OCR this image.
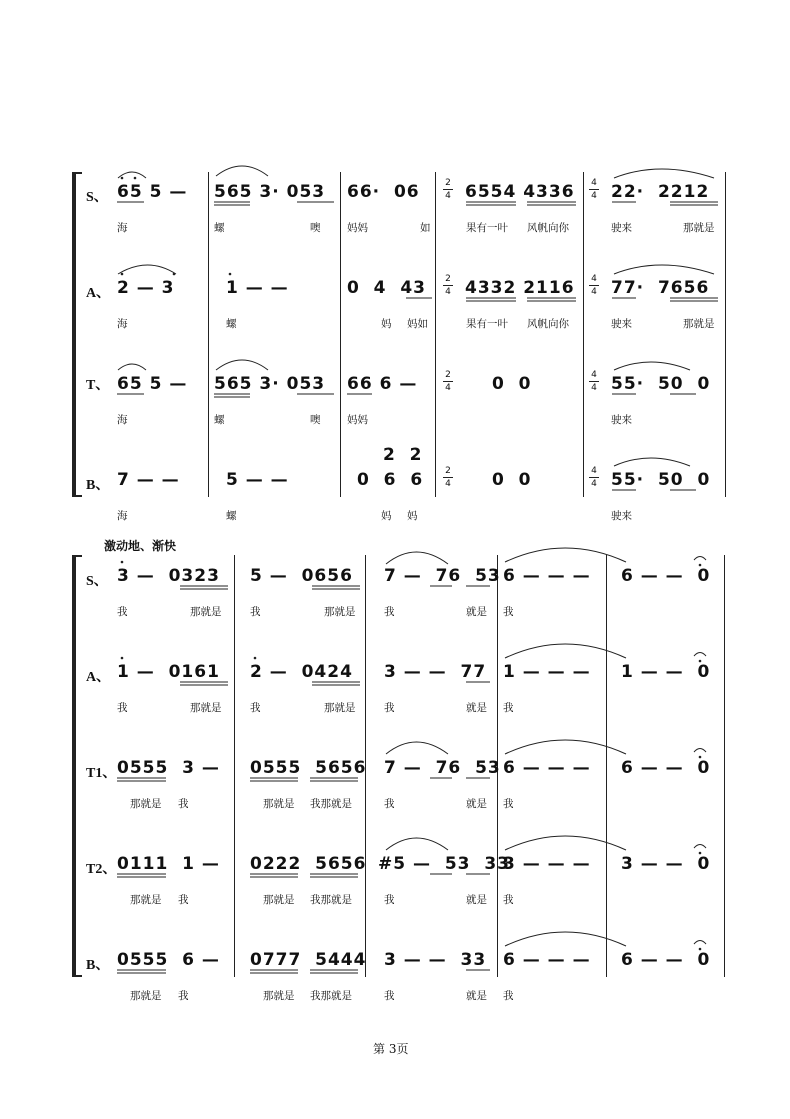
2
4
4
4
2
4
4
4
2
4
4
4
2
4
4
4
S、 65 5 — 565 3· 053 66·  06	6554 4336 22·  2212
海	螺	噢	妈妈	如	果有一叶 风帆向你	驶来	那就是
A、 2 — 3	1 — —	0  4  43 4332 2116 77·  7656
海	螺	妈 妈如	果有一叶 风帆向你	驶来	那就是
T、 65 5 — 565 3· 053 66 6 —	0  0	55·  50  0
海	螺	噢	妈妈	驶来
B、
2  2
7 — —	5 — —	0  6  6	0  0	55·  50  0
海	螺	妈 妈	驶来
激动地、渐快
S、 3 —  0323 5 —  0656 7 —  76  53 6 — — — 6 — —  0
我	那就是	我	那就是	我	就是 我
A、 1 —  0161 2 —  0424 3 — —  77 1 — — — 1 — —  0
我	那就是	我	那就是	我	就是 我
T1、 0555  3 — 0555  5656 7 —  76  53 6 — — — 6 — —  0
那就是 我	那就是 我那就是	我	就是 我
T2、 0111  1 — 0222  5656 #5 —  53  33
3 — — — 3 — —  0
那就是 我	那就是 我那就是	我	就是 我
B、 0555  6 — 0777  5444 3 — —  33 6 — — — 6 — —  0
那就是 我	那就是 我那就是	我	就是 我
第 3页
